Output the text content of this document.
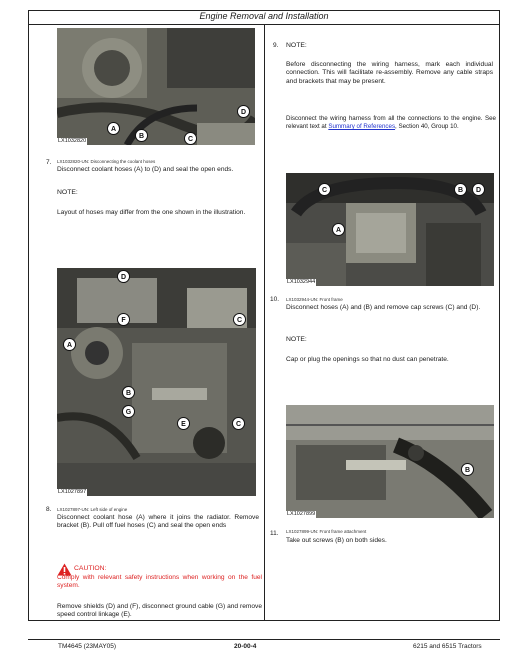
Engine Removal and Installation
A
B	C
D
LX1032820
7. LX1032820-UN: Disconnecting the coolant hoses
Disconnect coolant hoses (A) to (D) and seal the open ends.
NOTE:
Layout of hoses may differ from the one shown in the illustration.
D
F	C
A
B
G
E	C
LX1027897
8. LX1027897-UN: Left side of engine
Disconnect coolant hose (A) where it joins the radiator. Remove bracket (B). Pull off fuel hoses (C) and seal the open ends
CAUTION:
Comply with relevant safety instructions when working on the fuel system.
Remove shields (D) and (F), disconnect ground cable (G) and remove speed control linkage (E).
9. NOTE:
Before disconnecting the wiring harness, mark each individual connection. This will facilitate re-assembly. Remove any cable straps and brackets that may be present.
Disconnect the wiring harness from all the connections to the engine. See relevant text at Summary of References, Section 40, Group 10.
C	B	D
A
LX1032944
10. LX1032944-UN: Front frame
Disconnect hoses (A) and (B) and remove cap screws (C) and (D).
NOTE:
Cap or plug the openings so that no dust can penetrate.
B
LX1027899
11. LX1027899-UN: Front frame attachment
Take out screws (B) on both sides.
TM4645 (23MAY05)	20-00-4	6215 and 6515 Tractors
